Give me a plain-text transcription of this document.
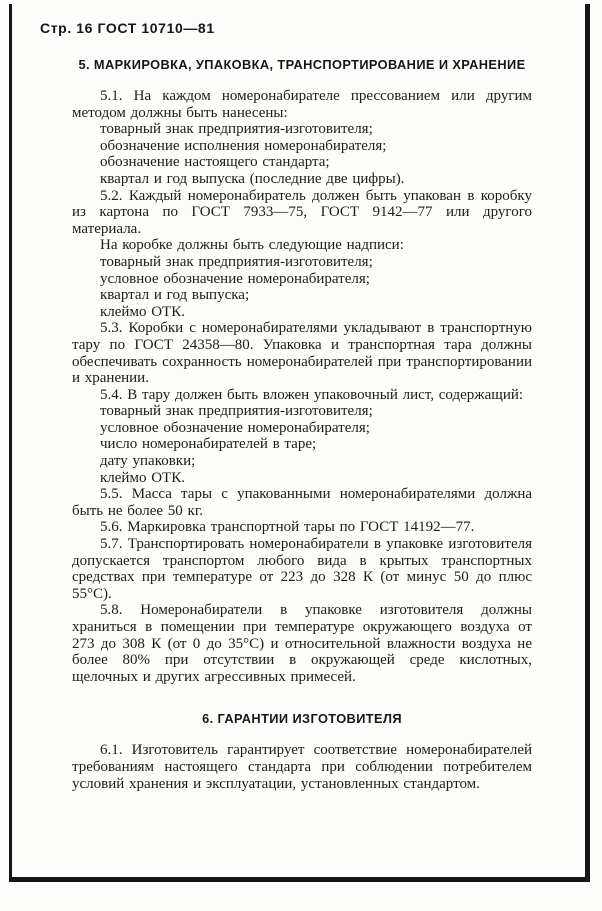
Стр. 16 ГОСТ 10710—81
5. МАРКИРОВКА, УПАКОВКА, ТРАНСПОРТИРОВАНИЕ И ХРАНЕНИЕ

5.1. На каждом номеронабирателе прессованием или другим методом должны быть нанесены:

товарный знак предприятия-изготовителя;

обозначение исполнения номеронабирателя;

обозначение настоящего стандарта;

квартал и год выпуска (последние две цифры).

5.2. Каждый номеронабиратель должен быть упакован в коробку из картона по ГОСТ 7933—75, ГОСТ 9142—77 или другого материала.

На коробке должны быть следующие надписи:

товарный знак предприятия-изготовителя;

условное обозначение номеронабирателя;

квартал и год выпуска;

клеймо ОТК.

5.3. Коробки с номеронабирателями укладывают в транспортную тару по ГОСТ 24358—80. Упаковка и транспортная тара должны обеспечивать сохранность номеронабирателей при транспортировании и хранении.

5.4. В тару должен быть вложен упаковочный лист, содержащий:

товарный знак предприятия-изготовителя;

условное обозначение номеронабирателя;

число номеронабирателей в таре;

дату упаковки;

клеймо ОТК.

5.5. Масса тары с упакованными номеронабирателями должна быть не более 50 кг.

5.6. Маркировка транспортной тары по ГОСТ 14192—77.

5.7. Транспортировать номеронабиратели в упаковке изготовителя допускается транспортом любого вида в крытых транспортных средствах при температуре от 223 до 328 К (от минус 50 до плюс 55°С).

5.8. Номеронабиратели в упаковке изготовителя должны храниться в помещении при температуре окружающего воздуха от 273 до 308 К (от 0 до 35°С) и относительной влажности воздуха не более 80% при отсутствии в окружающей среде кислотных, щелочных и других агрессивных примесей.

6. ГАРАНТИИ ИЗГОТОВИТЕЛЯ

6.1. Изготовитель гарантирует соответствие номеронабирателей требованиям настоящего стандарта при соблюдении потребителем условий хранения и эксплуатации, установленных стандартом.
